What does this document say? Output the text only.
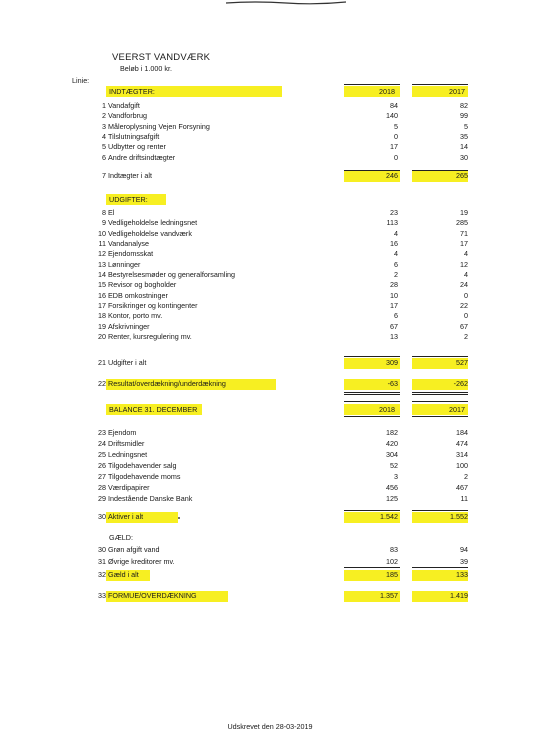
VEERST VANDVÆRK
Beløb i 1.000 kr.
Linie:
INDTÆGTER:	2018	2017
1 Vandafgift	84	82
2 Vandforbrug	140	99
3 Måleroplysning Vejen Forsyning	5	5
4 Tilslutningsafgift	0	35
5 Udbytter og renter	17	14
6 Andre driftsindtægter	0	30
7 Indtægter i alt	246	265
UDGIFTER:
8 El	23	19
9 Vedligeholdelse ledningsnet	113	285
10 Vedligeholdelse vandværk	4	71
11 Vandanalyse	16	17
12 Ejendomsskat	4	4
13 Lønninger	6	12
14 Bestyrelsesmøder og generalforsamling	2	4
15 Revisor og bogholder	28	24
16 EDB omkostninger	10	0
17 Forsikringer og kontingenter	17	22
18 Kontor, porto mv.	6	0
19 Afskrivninger	67	67
20 Renter, kursregulering mv.	13	2
21 Udgifter i alt	309	527
22 Resultat/overdækning/underdækning	-63	-262
BALANCE 31. DECEMBER	2018	2017
23 Ejendom	182	184
24 Driftsmidler	420	474
25 Ledningsnet	304	314
26 Tilgodehavender salg	52	100
27 Tilgodehavende moms	3	2
28 Værdipapirer	456	467
29 Indestående Danske Bank	125	11
30 Aktiver i alt	1.542	1.552
GÆLD:
30 Grøn afgift vand	83	94
31 Øvrige kreditorer mv.	102	39
32 Gæld i alt	185	133
33 FORMUE/OVERDÆKNING	1.357	1.419
Udskrevet den 28-03-2019
